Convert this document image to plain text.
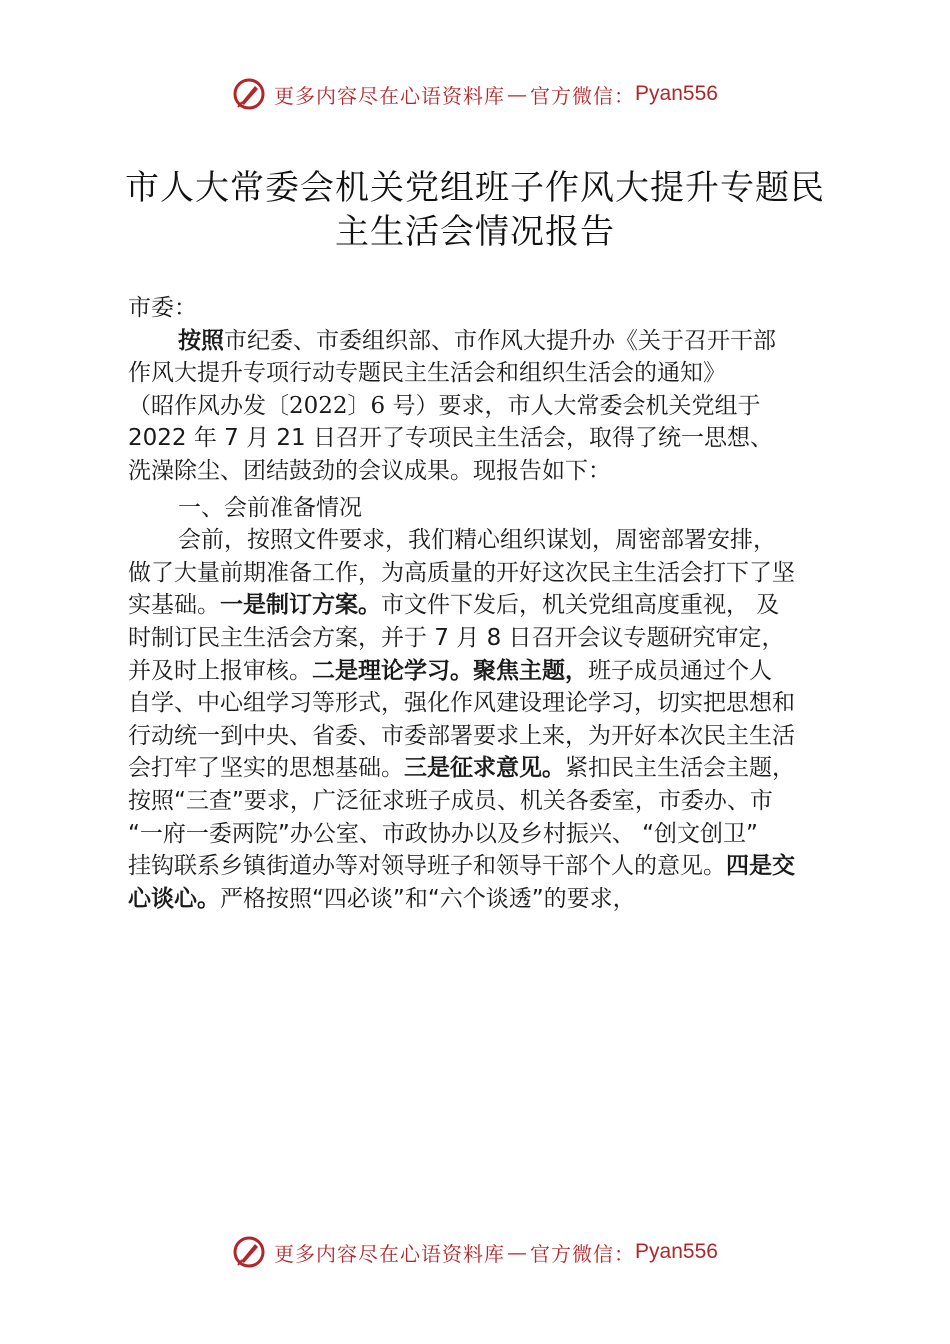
更多内容尽在心语资料库 — 官方微信： Pyan556
市人大常委会机关党组班子作风大提升专题民
主生活会情况报告
市委：
按照市纪委、市委组织部、市作风大提升办《关于召开干部
作风大提升专项行动专题民主生活会和组织生活会的通知》
（昭作风办发〔2022〕6 号）要求，市人大常委会机关党组于
2022 年 7 月 21 日召开了专项民主生活会，取得了统一思想、
洗澡除尘、团结鼓劲的会议成果。现报告如下：
一、会前准备情况
会前，按照文件要求，我们精心组织谋划，周密部署安排，
做了大量前期准备工作，为高质量的开好这次民主生活会打下了坚
实基础。一是制订方案。市文件下发后，机关党组高度重视， 及
时制订民主生活会方案，并于 7 月 8 日召开会议专题研究审定，
并及时上报审核。二是理论学习。聚焦主题，班子成员通过个人
自学、中心组学习等形式，强化作风建设理论学习，切实把思想和
行动统一到中央、省委、市委部署要求上来，为开好本次民主生活
会打牢了坚实的思想基础。三是征求意见。紧扣民主生活会主题，
按照“三查”要求，广泛征求班子成员、机关各委室，市委办、市
“一府一委两院”办公室、市政协办以及乡村振兴、 “创文创卫”
挂钩联系乡镇街道办等对领导班子和领导干部个人的意见。四是交
心谈心。严格按照“四必谈”和“六个谈透”的要求，
更多内容尽在心语资料库 — 官方微信： Pyan556
